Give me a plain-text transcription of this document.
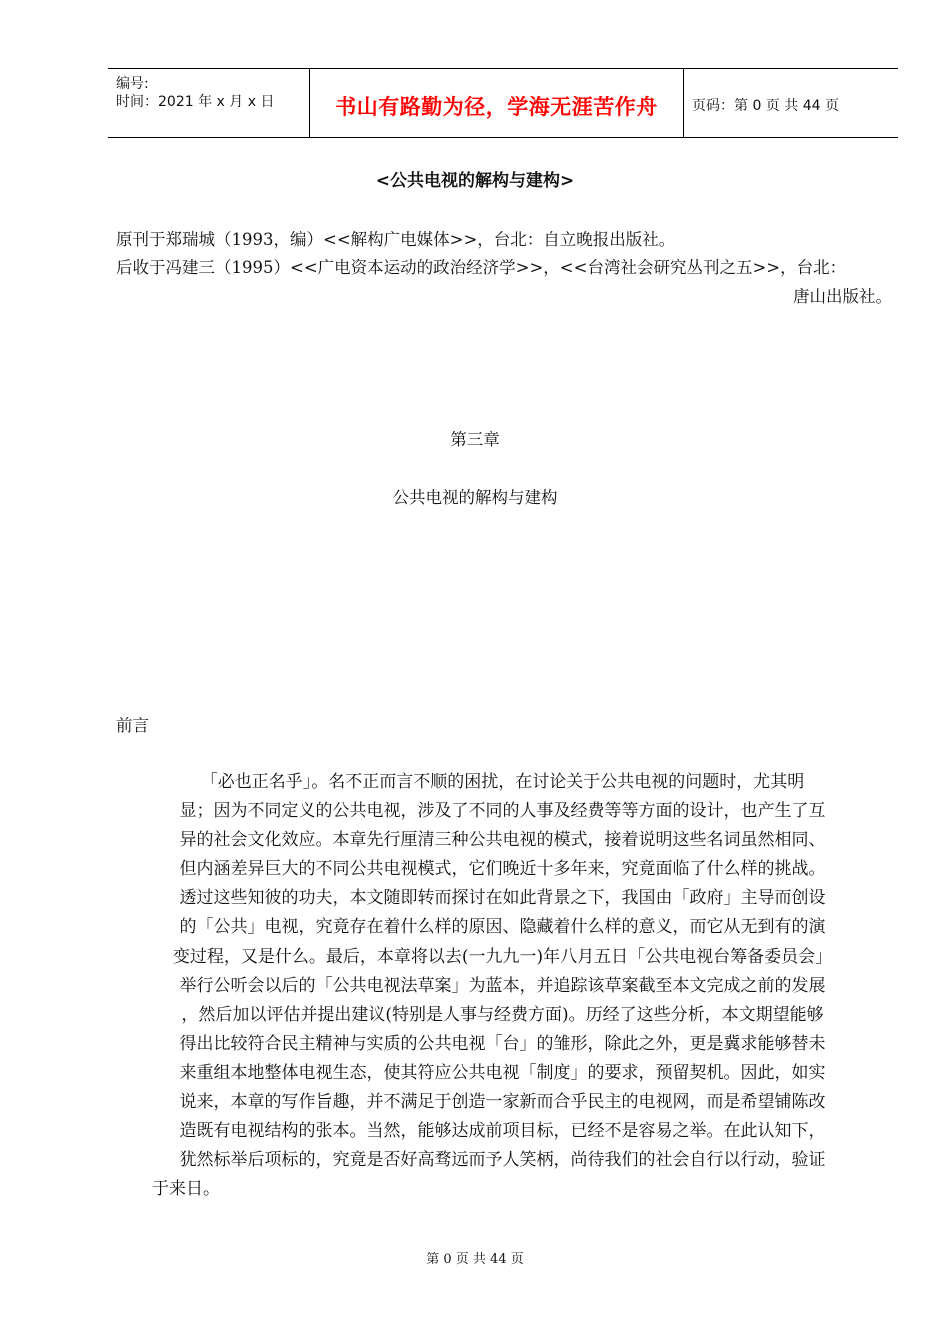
编号:
时间：2021 年 x 月 x 日	书山有路勤为径，学海无涯苦作舟	页码：第 0 页 共 44 页
<公共电视的解构与建构>
原刊于郑瑞城（1993，编）<<解构广电媒体>>，台北：自立晚报出版社。
后收于冯建三（1995）<<广电资本运动的政治经济学>>，<<台湾社会研究丛刊之五>>，台北：
唐山出版社。
第三章
公共电视的解构与建构
前言
「必也正名乎」。名不正而言不顺的困扰，在讨论关于公共电视的问题时，尤其明
显；因为不同定义的公共电视，涉及了不同的人事及经费等等方面的设计，也产生了互
异的社会文化效应。本章先行厘清三种公共电视的模式，接着说明这些名词虽然相同、
但内涵差异巨大的不同公共电视模式，它们晚近十多年来，究竟面临了什么样的挑战。
透过这些知彼的功夫，本文随即转而探讨在如此背景之下，我国由「政府」主导而创设
的「公共」电视，究竟存在着什么样的原因、隐藏着什么样的意义，而它从无到有的演
变过程，又是什么。最后，本章将以去(一九九一)年八月五日「公共电视台筹备委员会」
举行公听会以后的「公共电视法草案」为蓝本，并追踪该草案截至本文完成之前的发展
，然后加以评估并提出建议(特别是人事与经费方面)。历经了这些分析，本文期望能够
得出比较符合民主精神与实质的公共电视「台」的雏形，除此之外，更是冀求能够替未
来重组本地整体电视生态，使其符应公共电视「制度」的要求，预留契机。因此，如实
说来，本章的写作旨趣，并不满足于创造一家新而合乎民主的电视网，而是希望铺陈改
造既有电视结构的张本。当然，能够达成前项目标，已经不是容易之举。在此认知下，
犹然标举后项标的，究竟是否好高骛远而予人笑柄，尚待我们的社会自行以行动，验证
于来日。
第 0 页 共 44 页
